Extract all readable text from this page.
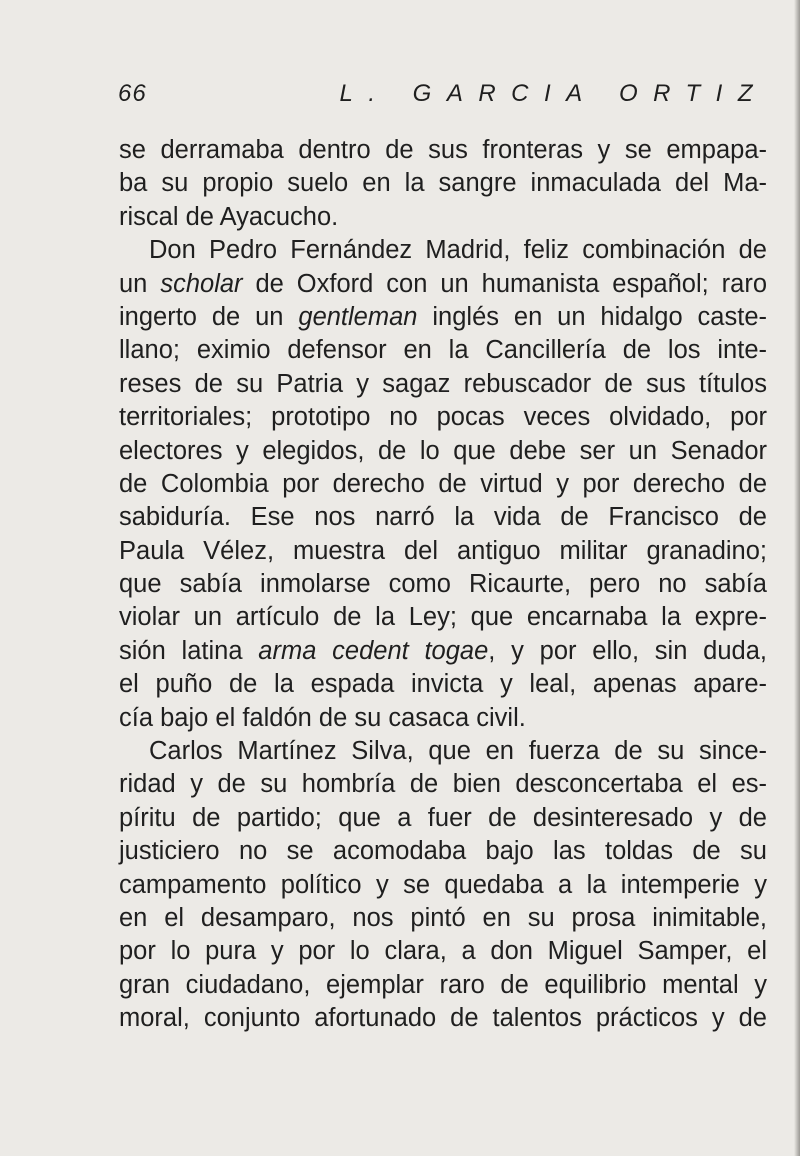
66	L. GARCIA ORTIZ
se derramaba dentro de sus fronteras y se empapa-
ba su propio suelo en la sangre inmaculada del Ma-
riscal de Ayacucho.
Don Pedro Fernández Madrid, feliz combinación de
un scholar de Oxford con un humanista español; raro
ingerto de un gentleman inglés en un hidalgo caste-
llano; eximio defensor en la Cancillería de los inte-
reses de su Patria y sagaz rebuscador de sus títulos
territoriales; prototipo no pocas veces olvidado, por
electores y elegidos, de lo que debe ser un Senador
de Colombia por derecho de virtud y por derecho de
sabiduría. Ese nos narró la vida de Francisco de
Paula Vélez, muestra del antiguo militar granadino;
que sabía inmolarse como Ricaurte, pero no sabía
violar un artículo de la Ley; que encarnaba la expre-
sión latina arma cedent togae, y por ello, sin duda,
el puño de la espada invicta y leal, apenas apare-
cía bajo el faldón de su casaca civil.
Carlos Martínez Silva, que en fuerza de su since-
ridad y de su hombría de bien desconcertaba el es-
píritu de partido; que a fuer de desinteresado y de
justiciero no se acomodaba bajo las toldas de su
campamento político y se quedaba a la intemperie y
en el desamparo, nos pintó en su prosa inimitable,
por lo pura y por lo clara, a don Miguel Samper, el
gran ciudadano, ejemplar raro de equilibrio mental y
moral, conjunto afortunado de talentos prácticos y de
